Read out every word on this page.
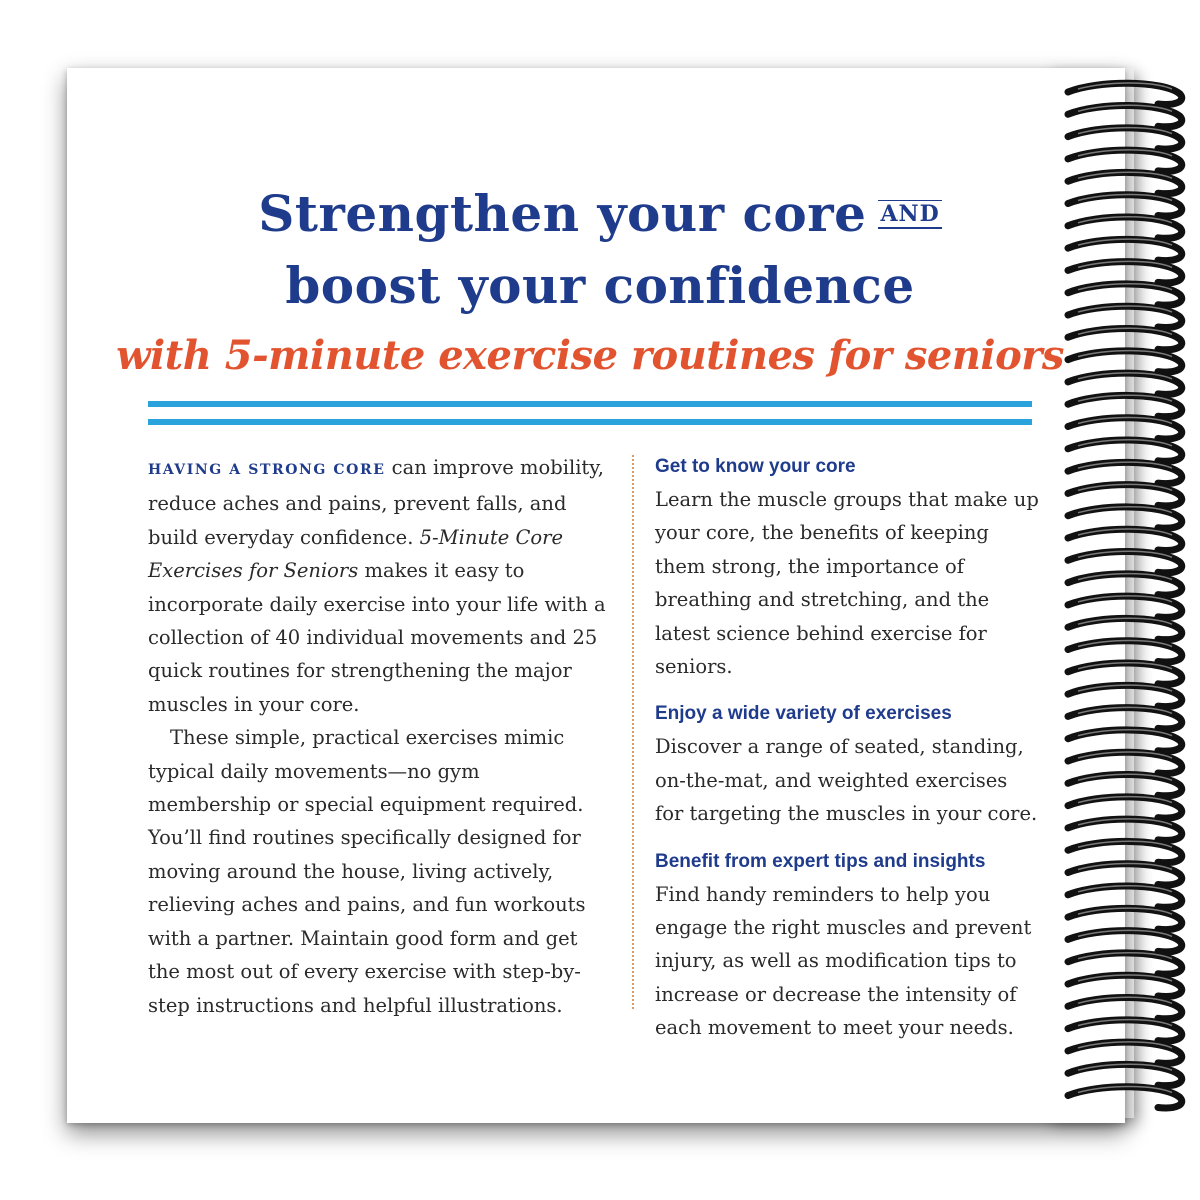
Strengthen your core $^{AND}$
boost your confidence
with 5-minute exercise routines for seniors

HAVING A STRONG CORE can improve mobility, reduce aches and pains, prevent falls, and build everyday confidence. 5-Minute Core Exercises for Seniors makes it easy to incorporate daily exercise into your life with a collection of 40 individual movements and 25 quick routines for strengthening the major muscles in your core.

These simple, practical exercises mimic typical daily movements—no gym membership or special equipment required. You’ll find routines specifically designed for moving around the house, living actively, relieving aches and pains, and fun workouts with a partner. Maintain good form and get the most out of every exercise with step-by-step instructions and helpful illustrations.

Get to know your core

Learn the muscle groups that make up your core, the benefits of keeping them strong, the importance of breathing and stretching, and the latest science behind exercise for seniors.

Enjoy a wide variety of exercises

Discover a range of seated, standing, on-the-mat, and weighted exercises for targeting the muscles in your core.

Benefit from expert tips and insights

Find handy reminders to help you engage the right muscles and prevent injury, as well as modification tips to increase or decrease the intensity of each movement to meet your needs.
